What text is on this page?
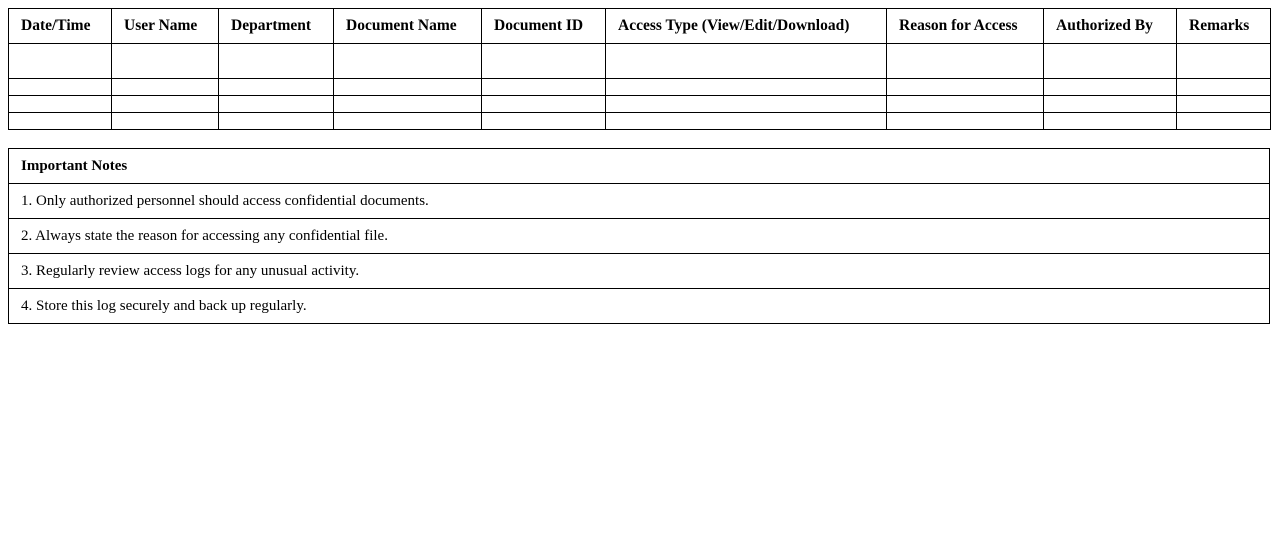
Date/Time	User Name	Department	Document Name	Document ID	Access Type (View/Edit/Download)	Reason for Access	Authorized By	Remarks

Important Notes
1. Only authorized personnel should access confidential documents.
2. Always state the reason for accessing any confidential file.
3. Regularly review access logs for any unusual activity.
4. Store this log securely and back up regularly.
